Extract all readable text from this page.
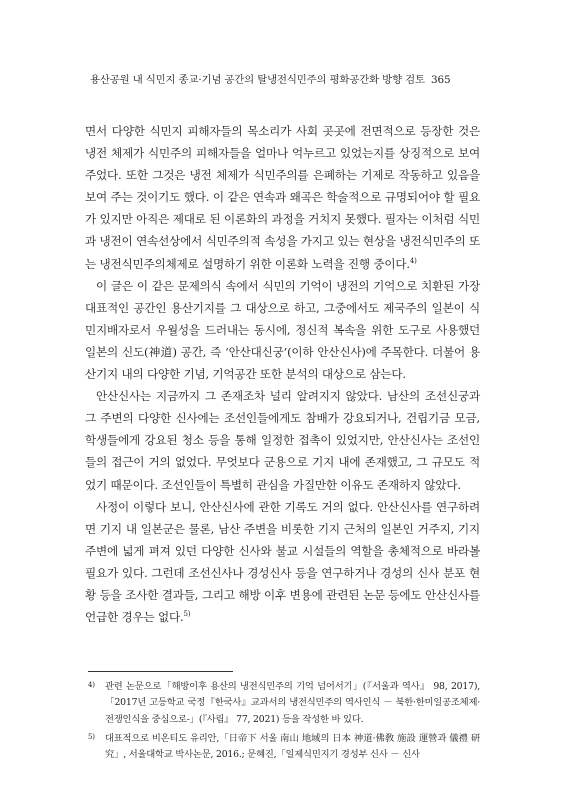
용산공원 내 식민지 종교·기념 공간의 탈냉전식민주의 평화공간화 방향 검토 365

면서 다양한 식민지 피해자들의 목소리가 사회 곳곳에 전면적으로 등장한 것은 냉전 체제가 식민주의 피해자들을 얼마나 억누르고 있었는지를 상징적으로 보여 주었다. 또한 그것은 냉전 체제가 식민주의를 은폐하는 기제로 작동하고 있음을 보여 주는 것이기도 했다. 이 같은 연속과 왜곡은 학술적으로 규명되어야 할 필요가 있지만 아직은 제대로 된 이론화의 과정을 거치지 못했다. 필자는 이처럼 식민과 냉전이 연속선상에서 식민주의적 속성을 가지고 있는 현상을 냉전식민주의 또는 냉전식민주의체제로 설명하기 위한 이론화 노력을 진행 중이다.$^{4)}$

이 글은 이 같은 문제의식 속에서 식민의 기억이 냉전의 기억으로 치환된 가장 대표적인 공간인 용산기지를 그 대상으로 하고, 그중에서도 제국주의 일본이 식민지배자로서 우월성을 드러내는 동시에, 정신적 복속을 위한 도구로 사용했던 일본의 신도(神道) 공간, 즉 ‘안산대신궁’(이하 안산신사)에 주목한다. 더불어 용산기지 내의 다양한 기념, 기억공간 또한 분석의 대상으로 삼는다.

안산신사는 지금까지 그 존재조차 널리 알려지지 않았다. 남산의 조선신궁과 그 주변의 다양한 신사에는 조선인들에게도 참배가 강요되거나, 건립기금 모금, 학생들에게 강요된 청소 등을 통해 일정한 접촉이 있었지만, 안산신사는 조선인들의 접근이 거의 없었다. 무엇보다 군용으로 기지 내에 존재했고, 그 규모도 적었기 때문이다. 조선인들이 특별히 관심을 가질만한 이유도 존재하지 않았다.

사정이 이렇다 보니, 안산신사에 관한 기록도 거의 없다. 안산신사를 연구하려면 기지 내 일본군은 물론, 남산 주변을 비롯한 기지 근처의 일본인 거주지, 기지 주변에 넓게 펴져 있던 다양한 신사와 불교 시설들의 역할을 총체적으로 바라볼 필요가 있다. 그런데 조선신사나 경성신사 등을 연구하거나 경성의 신사 분포 현황 등을 조사한 결과들, 그리고 해방 이후 변용에 관련된 논문 등에도 안산신사를 언급한 경우는 없다.$^{5)}$

4) 관련 논문으로「해방이후 용산의 냉전식민주의 기억 넘어서기」(『서울과 역사』 98, 2017),「2017년 고등학교 국정『한국사』교과서의 냉전식민주의 역사인식 － 북한·한미일공조체제·전쟁인식을 중심으로-」(『사림』 77, 2021) 등을 작성한 바 있다.

5) 대표적으로 비온티도 유리안,「日帝下 서울 南山 地域의 日本 神道·佛敎 施設 運營과 儀禮 研究」, 서울대학교 박사논문, 2016.; 문혜진,「일제식민지기 경성부 신사 － 신사
